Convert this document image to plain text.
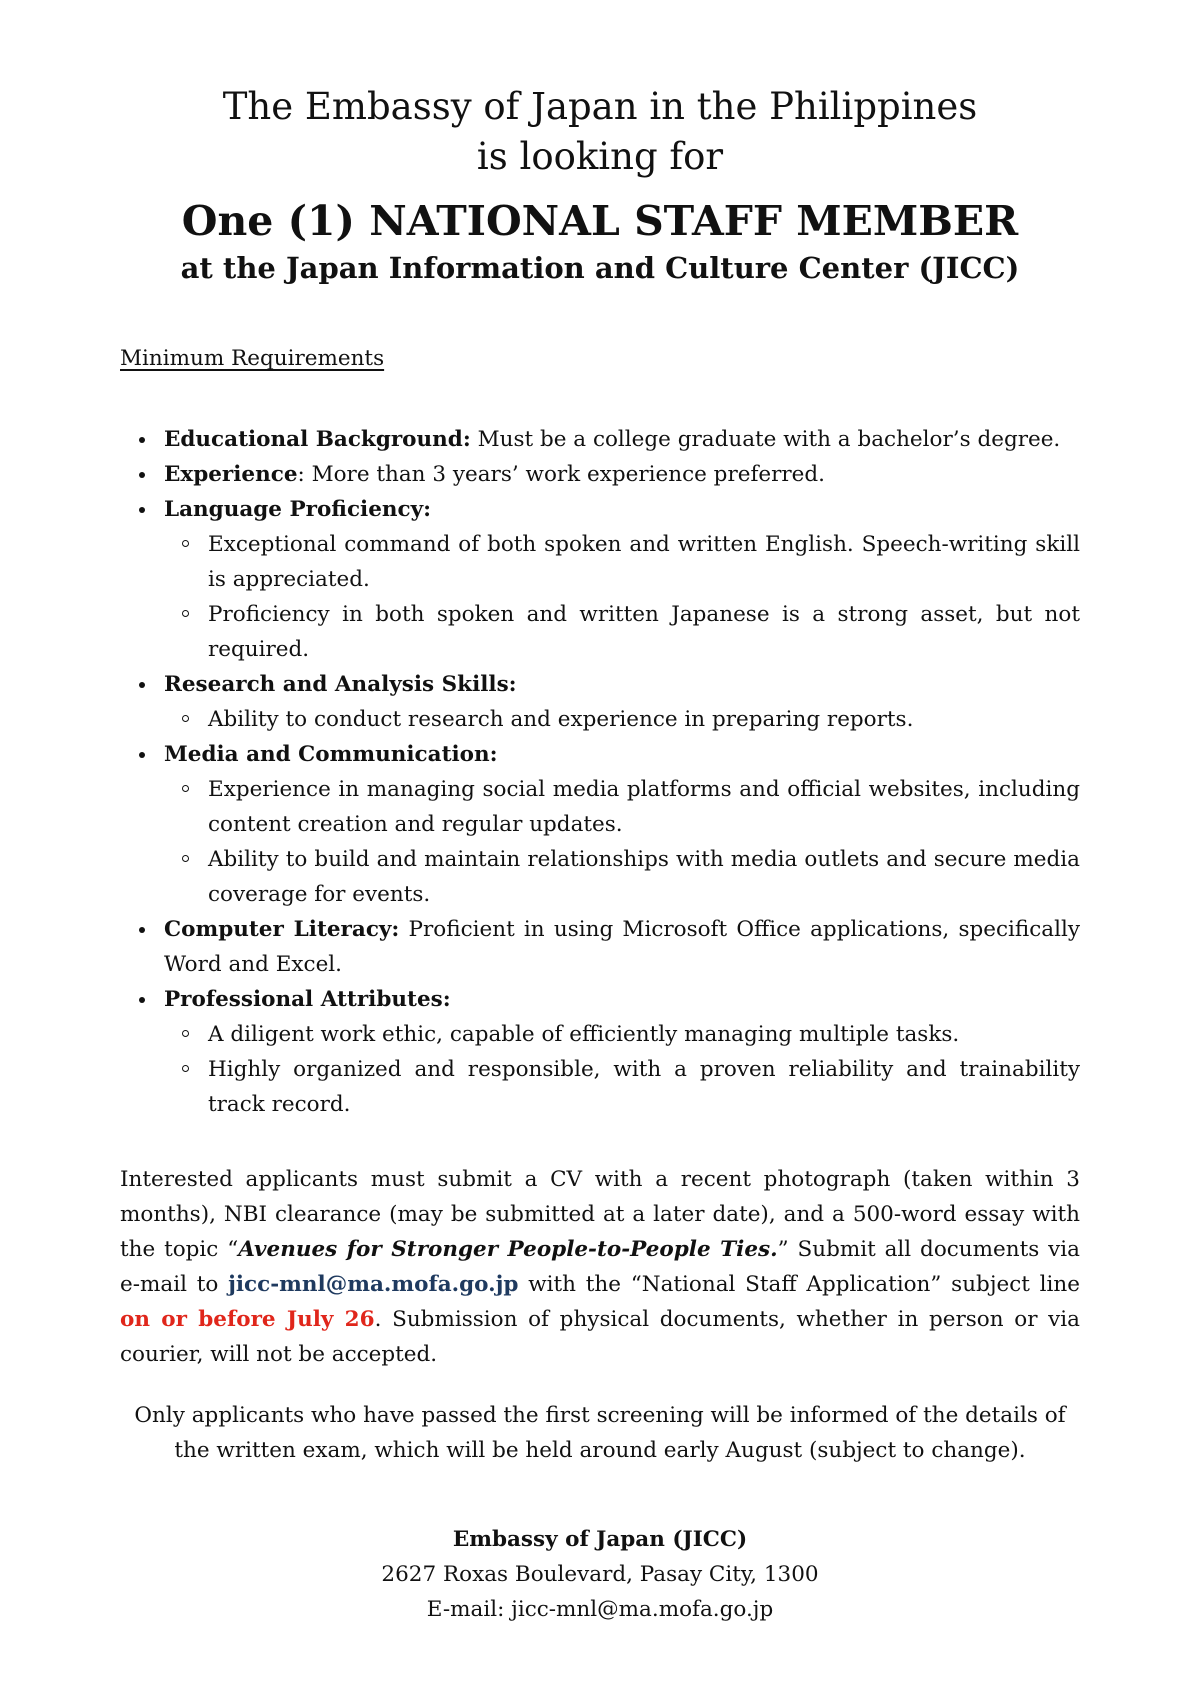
The Embassy of Japan in the Philippines
is looking for
One (1) NATIONAL STAFF MEMBER
at the Japan Information and Culture Center (JICC)
Minimum Requirements
Educational Background: Must be a college graduate with a bachelor’s degree.
Experience: More than 3 years’ work experience preferred.
Language Proficiency:
Exceptional command of both spoken and written English. Speech-writing skill is appreciated.
Proficiency in both spoken and written Japanese is a strong asset, but not required.
Research and Analysis Skills:
Ability to conduct research and experience in preparing reports.
Media and Communication:
Experience in managing social media platforms and official websites, including content creation and regular updates.
Ability to build and maintain relationships with media outlets and secure media coverage for events.
Computer Literacy: Proficient in using Microsoft Office applications, specifically Word and Excel.
Professional Attributes:
A diligent work ethic, capable of efficiently managing multiple tasks.
Highly organized and responsible, with a proven reliability and trainability track record.
Interested applicants must submit a CV with a recent photograph (taken within 3 months), NBI clearance (may be submitted at a later date), and a 500-word essay with the topic “Avenues for Stronger People-to-People Ties.” Submit all documents via e-mail to jicc-mnl@ma.mofa.go.jp with the “National Staff Application” subject line on or before July 26. Submission of physical documents, whether in person or via courier, will not be accepted.
Only applicants who have passed the first screening will be informed of the details of the written exam, which will be held around early August (subject to change).
Embassy of Japan (JICC)
2627 Roxas Boulevard, Pasay City, 1300
E-mail: jicc-mnl@ma.mofa.go.jp
